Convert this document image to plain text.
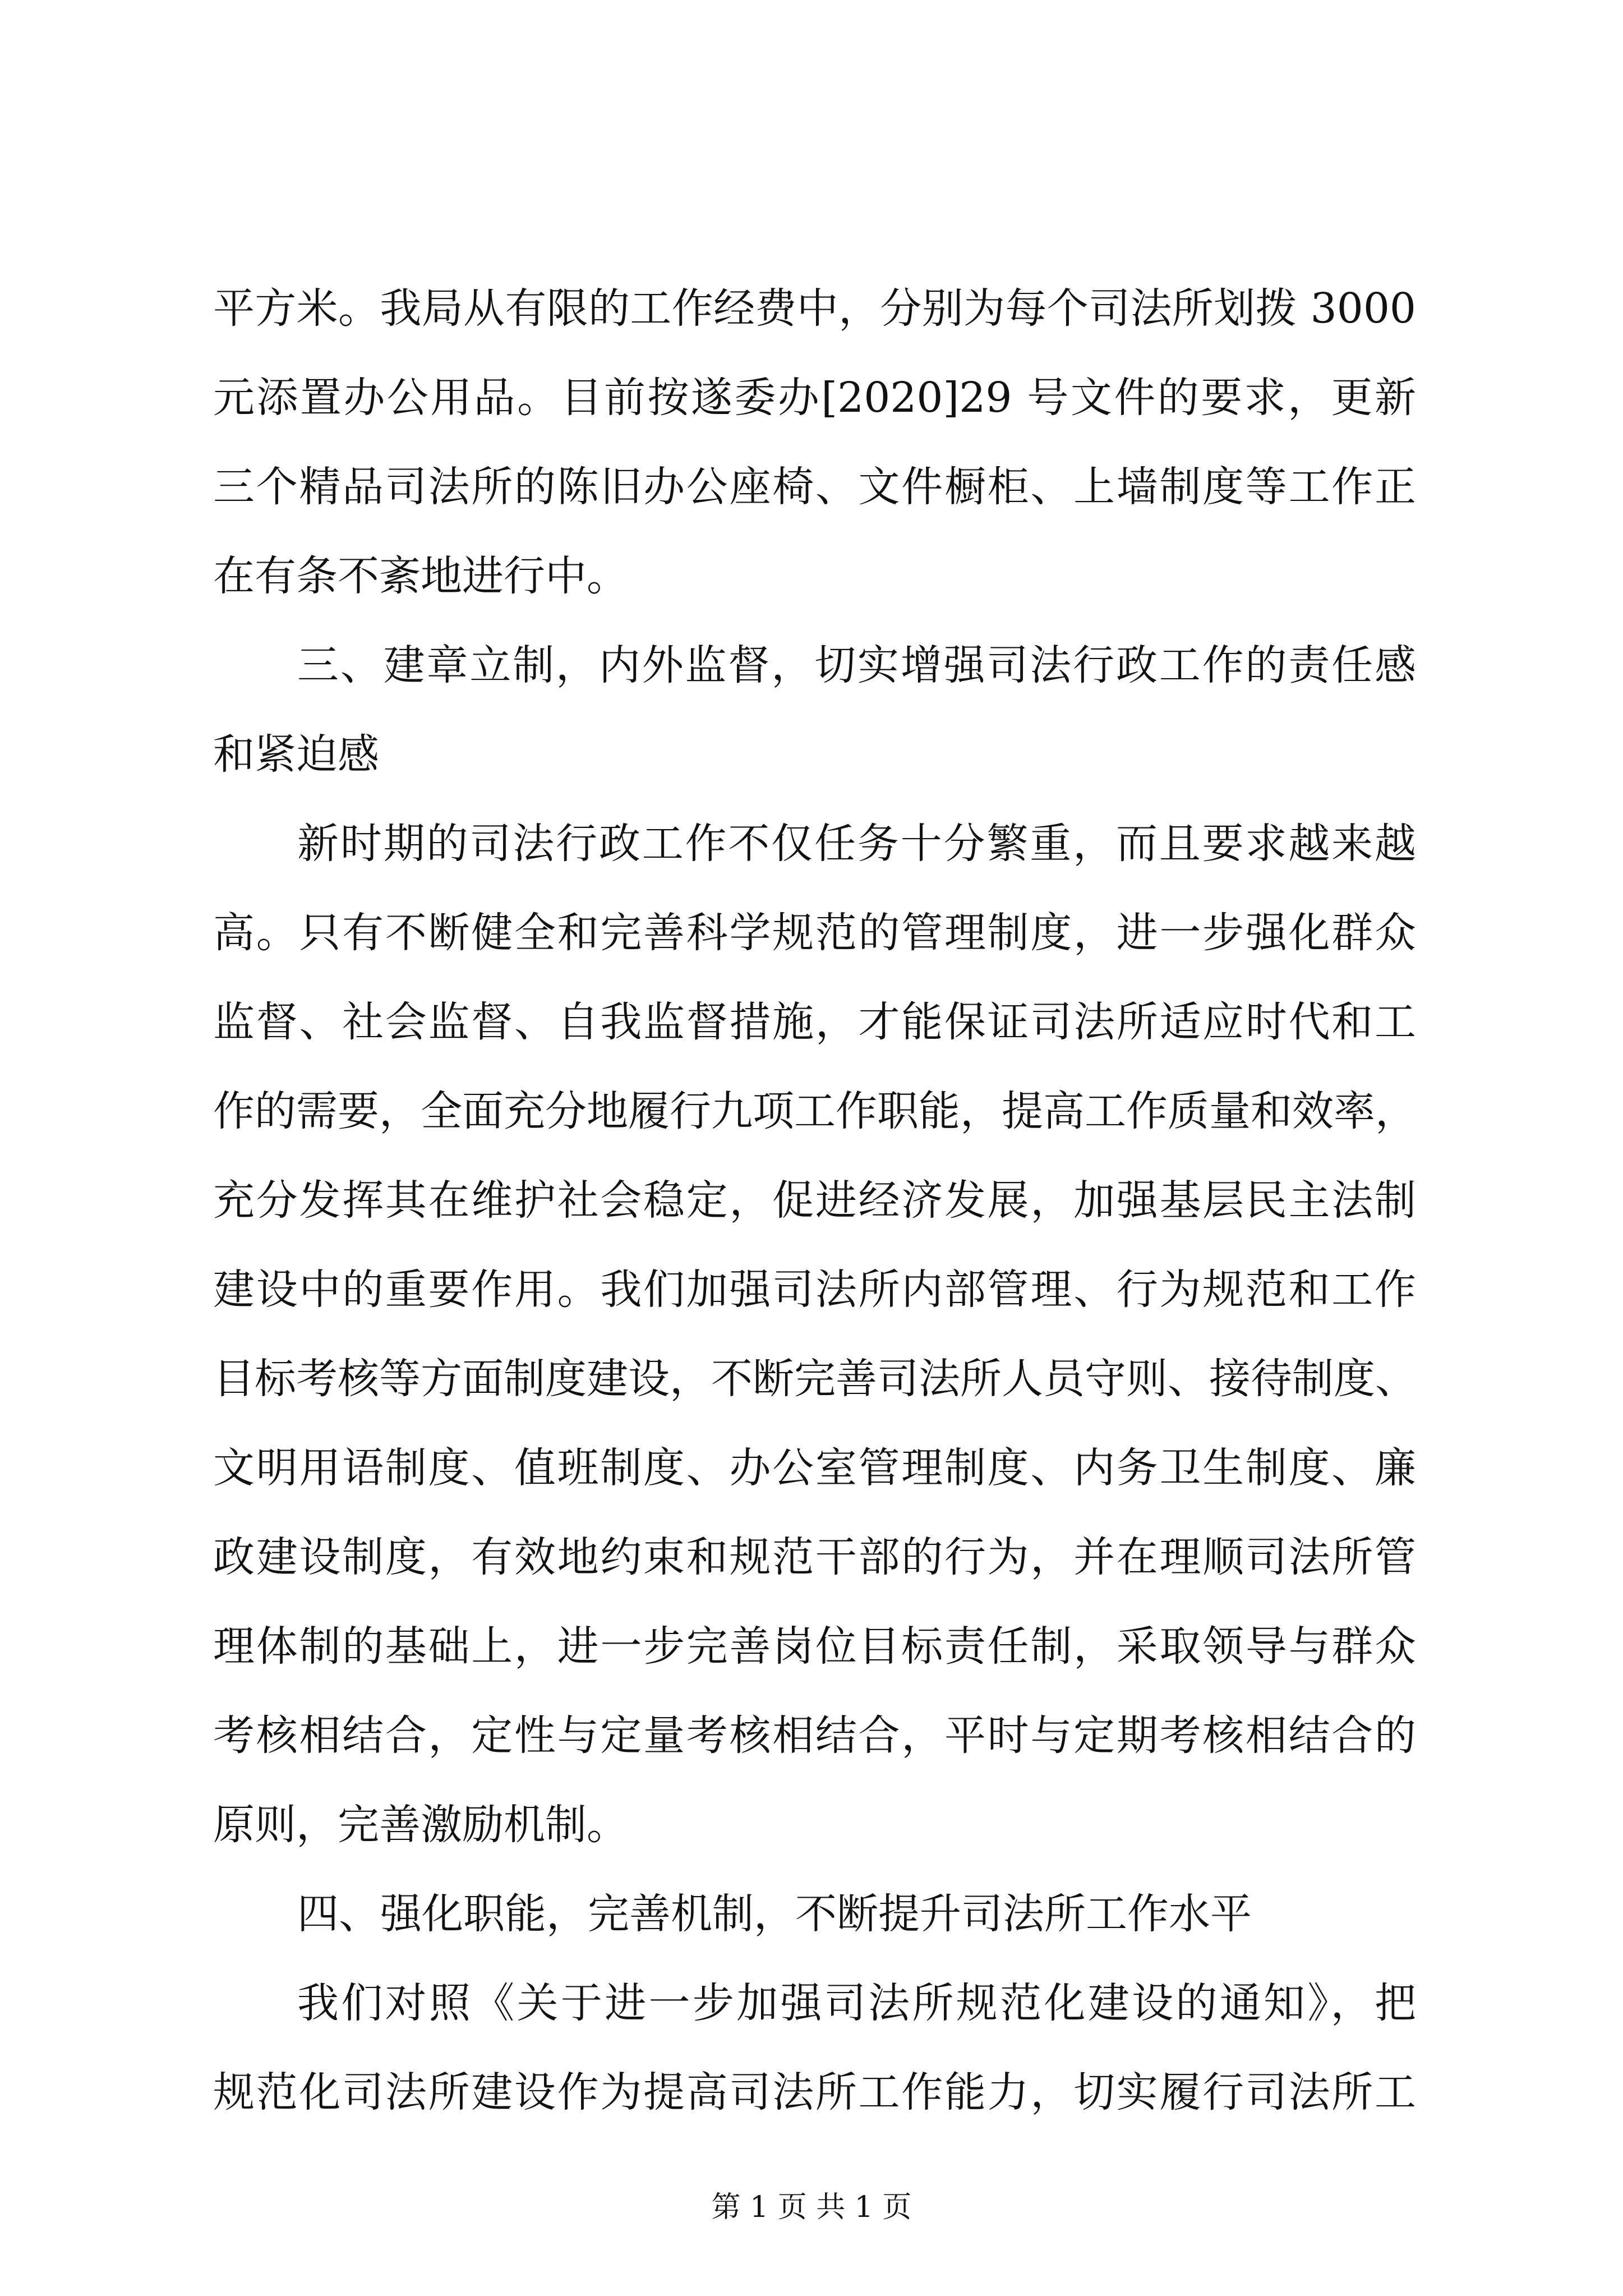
平方米。我局从有限的工作经费中，分别为每个司法所划拨 3000
元添置办公用品。目前按遂委办[2020]29 号文件的要求，更新
三个精品司法所的陈旧办公座椅、文件橱柜、上墙制度等工作正
在有条不紊地进行中。
三、建章立制，内外监督，切实增强司法行政工作的责任感
和紧迫感
新时期的司法行政工作不仅任务十分繁重，而且要求越来越
高。只有不断健全和完善科学规范的管理制度，进一步强化群众
监督、社会监督、自我监督措施，才能保证司法所适应时代和工
作的需要，全面充分地履行九项工作职能，提高工作质量和效率，
充分发挥其在维护社会稳定，促进经济发展，加强基层民主法制
建设中的重要作用。我们加强司法所内部管理、行为规范和工作
目标考核等方面制度建设，不断完善司法所人员守则、接待制度、
文明用语制度、值班制度、办公室管理制度、内务卫生制度、廉
政建设制度，有效地约束和规范干部的行为，并在理顺司法所管
理体制的基础上，进一步完善岗位目标责任制，采取领导与群众
考核相结合，定性与定量考核相结合，平时与定期考核相结合的
原则，完善激励机制。
四、强化职能，完善机制，不断提升司法所工作水平
我们对照《关于进一步加强司法所规范化建设的通知》，把
规范化司法所建设作为提高司法所工作能力，切实履行司法所工
第 1 页 共 1 页
